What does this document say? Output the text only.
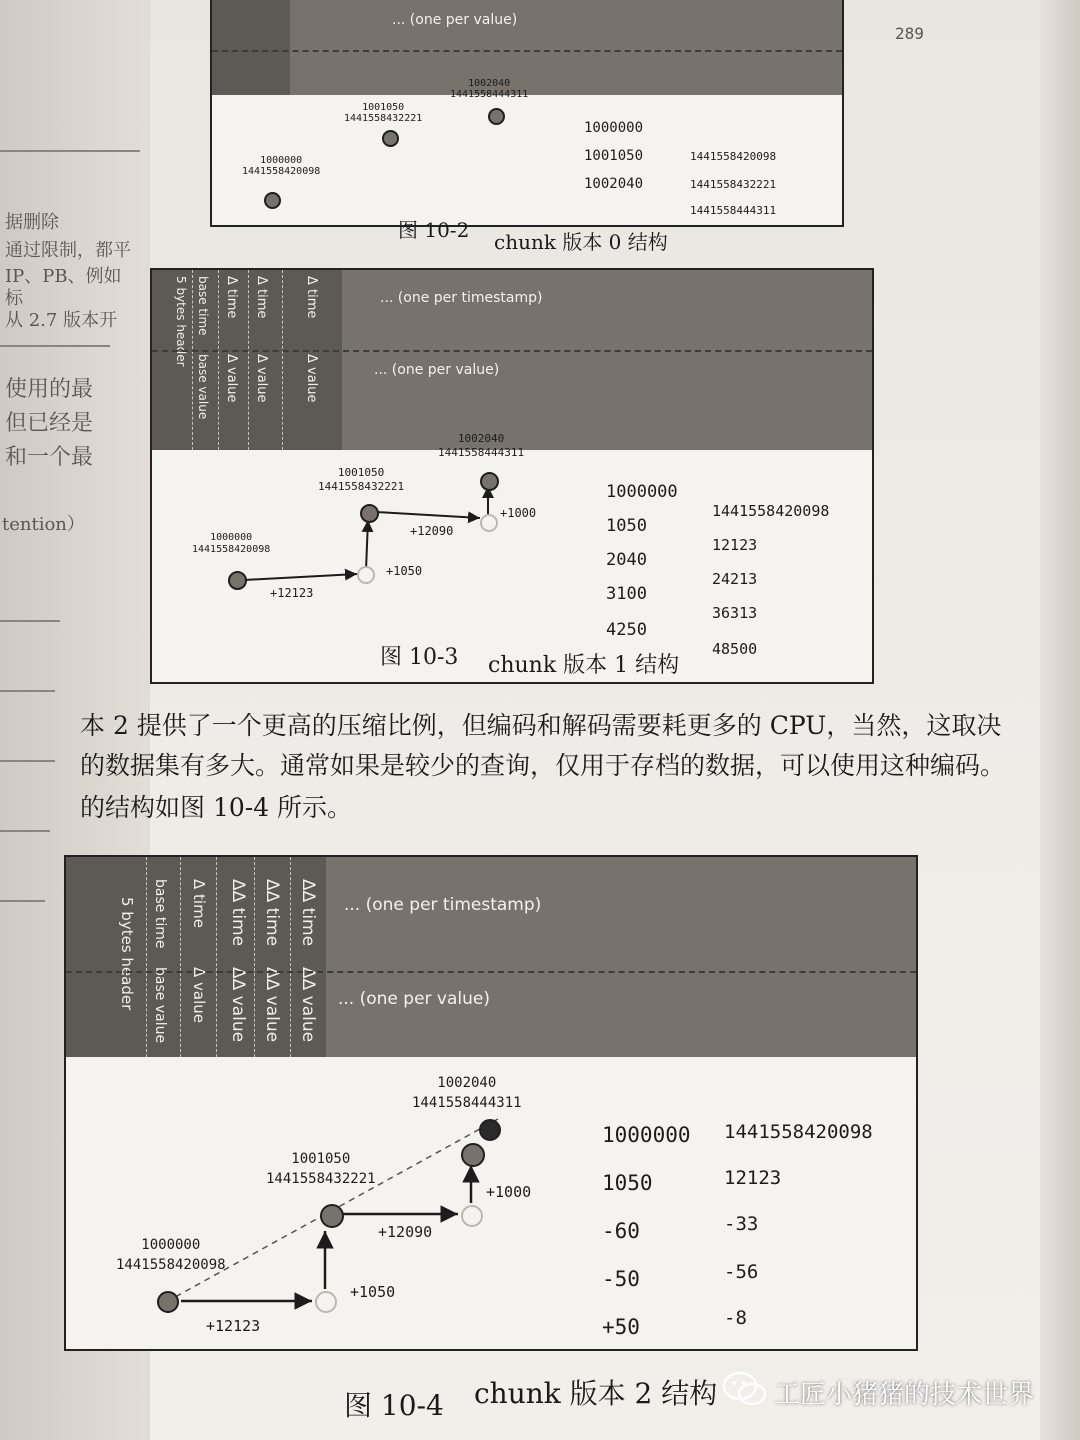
据删除
通过限制，都平
IP、PB、例如
标
从 2.7 版本开
使用的最
但已经是
和一个最
tention）
289
... (one per value)
1000000
1441558420098
1001050
1441558432221
1002040
1441558444311
1000000
1001050
1002040
1441558420098
1441558432221
1441558444311
图 10-2 chunk 版本 0 结构
5 bytes header base time
base value
Δ time
Δ value
Δ time
Δ value
Δ time
Δ value
... (one per timestamp)
... (one per value)
1000000
1441558420098
1001050
1441558432221
1002040
1441558444311
+12123
+1050
+12090
+1000
1000000
1050
2040
3100
4250
1441558420098
12123
24213
36313
48500
图 10-3 chunk 版本 1 结构
本 2 提供了一个更高的压缩比例，但编码和解码需要耗更多的 CPU，当然，这取决
的数据集有多大。通常如果是较少的查询，仅用于存档的数据，可以使用这种编码。
的结构如图 10-4 所示。
5 bytes header base time Δ time ΔΔ time ΔΔ time ΔΔ time
base value Δ value ΔΔ value ΔΔ value ΔΔ value
... (one per timestamp)
... (one per value)
1000000
1441558420098
1001050
1441558432221
1002040
1441558444311
+12123
+1050
+12090
+1000
1000000
1050
-60
-50
+50
1441558420098
12123
-33
-56
-8
图 10-4 chunk 版本 2 结构 工匠小猪猪的技术世界
